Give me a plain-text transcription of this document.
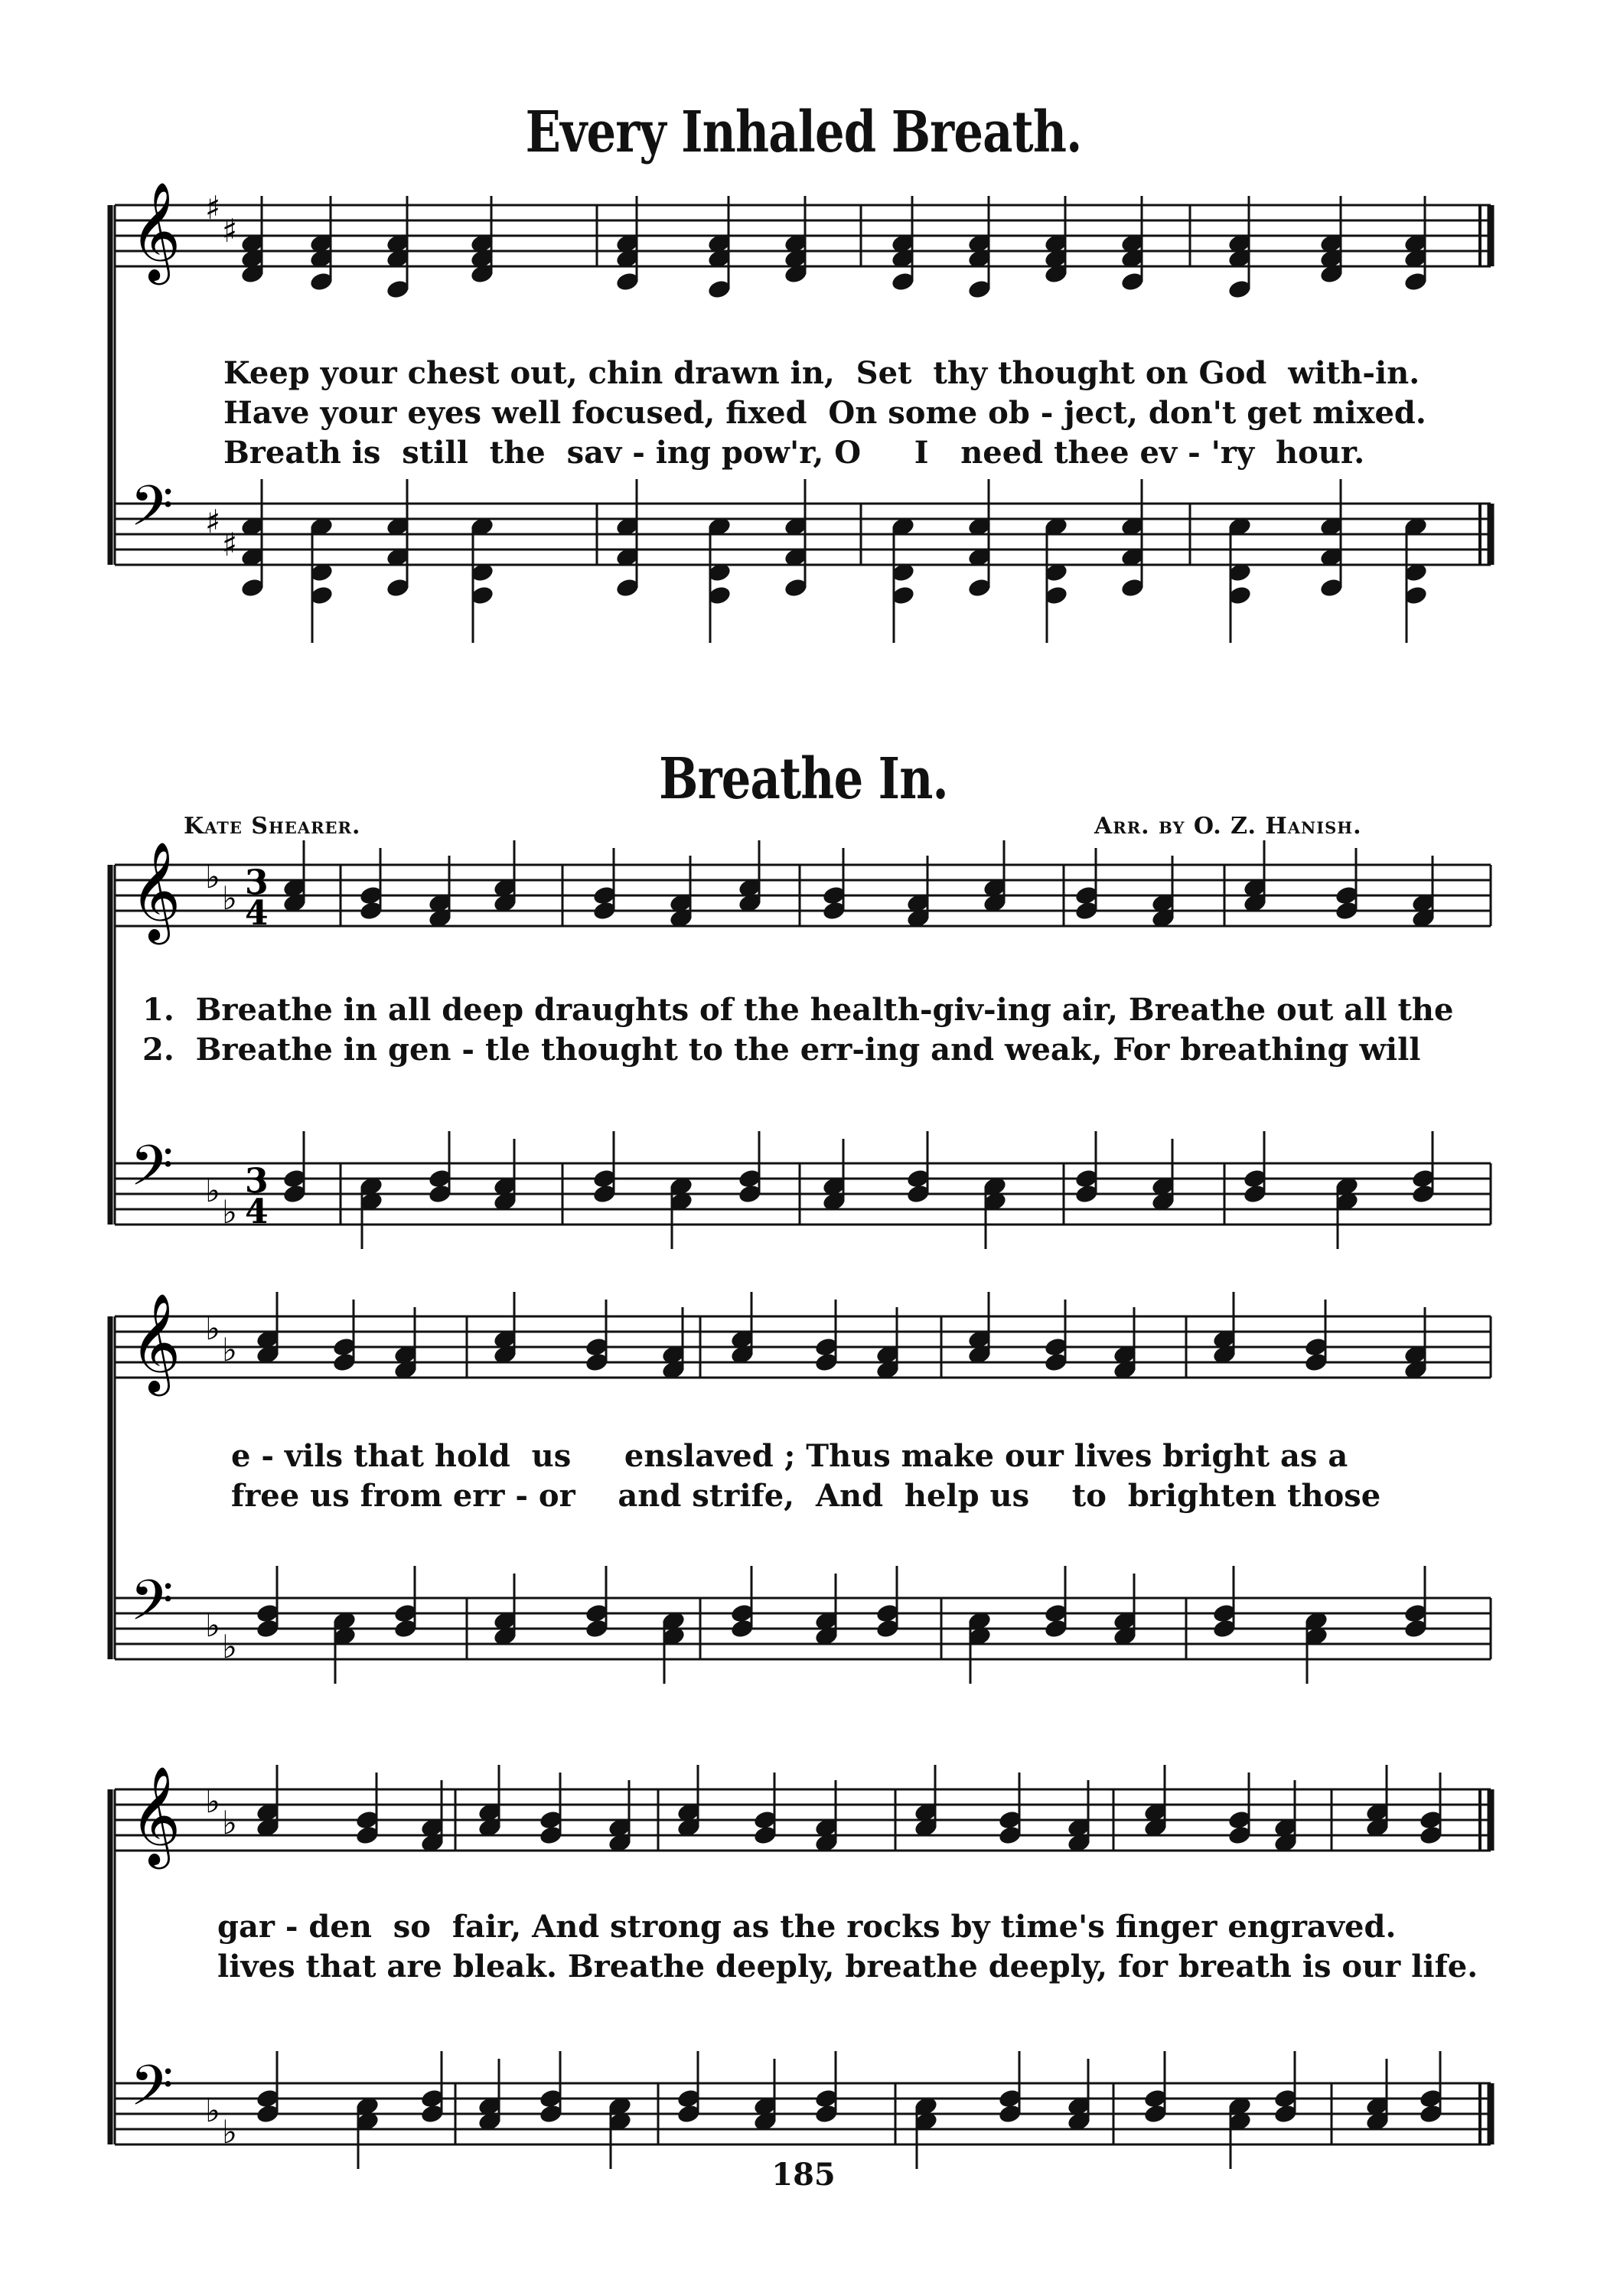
𝄞
𝄢
♯
♯
♯
♯
𝄞
𝄢
♭
♭
♭
♭
3
4
3
4
𝄞
𝄢
♭
♭
♭
♭
𝄞
𝄢
♭
♭
♭
♭
Every Inhaled Breath.
Keep your chest out, chin drawn in,  Set  thy thought on God  with-in.
Have your eyes well focused, fixed  On some ob - ject, don't get mixed.
Breath is  still  the  sav - ing pow'r, O     I   need thee ev - 'ry  hour.
Breathe In.
Kate Shearer.	Arr. by O. Z. Hanish.
1.  Breathe in all deep draughts of the health-giv-ing air, Breathe out all the
2.  Breathe in gen - tle thought to the err-ing and weak, For breathing will
e - vils that hold  us     enslaved ; Thus make our lives bright as a
free us from err - or    and strife,  And  help us    to  brighten those
gar - den  so  fair, And strong as the rocks by time's finger engraved.
lives that are bleak. Breathe deeply, breathe deeply, for breath is our life.
185
